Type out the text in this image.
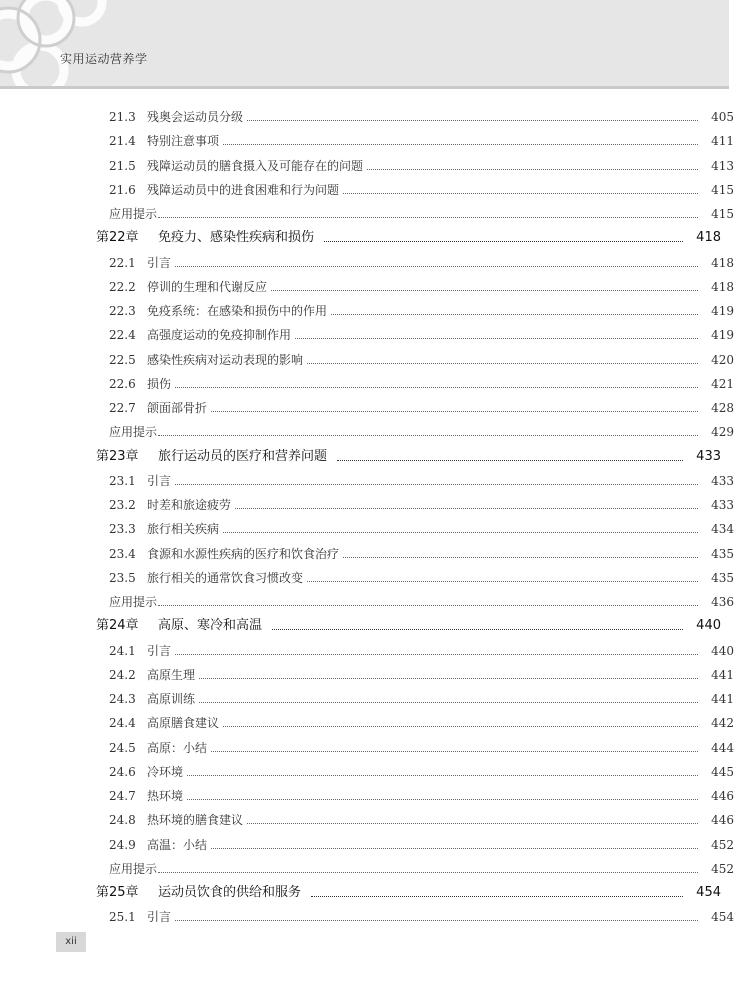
实用运动营养学
21.3 残奥会运动员分级	405
21.4 特别注意事项	411
21.5 残障运动员的膳食摄入及可能存在的问题	413
21.6 残障运动员中的进食困难和行为问题	415
应用提示	415
第22章	免疫力、感染性疾病和损伤	418
22.1 引言	418
22.2 停训的生理和代谢反应	418
22.3 免疫系统：在感染和损伤中的作用	419
22.4 高强度运动的免疫抑制作用	419
22.5 感染性疾病对运动表现的影响	420
22.6 损伤	421
22.7 颌面部骨折	428
应用提示	429
第23章	旅行运动员的医疗和营养问题	433
23.1 引言	433
23.2 时差和旅途疲劳	433
23.3 旅行相关疾病	434
23.4 食源和水源性疾病的医疗和饮食治疗	435
23.5 旅行相关的通常饮食习惯改变	435
应用提示	436
第24章	高原、寒冷和高温	440
24.1 引言	440
24.2 高原生理	441
24.3 高原训练	441
24.4 高原膳食建议	442
24.5 高原：小结	444
24.6 冷环境	445
24.7 热环境	446
24.8 热环境的膳食建议	446
24.9 高温：小结	452
应用提示	452
第25章	运动员饮食的供给和服务	454
25.1 引言	454
xii
